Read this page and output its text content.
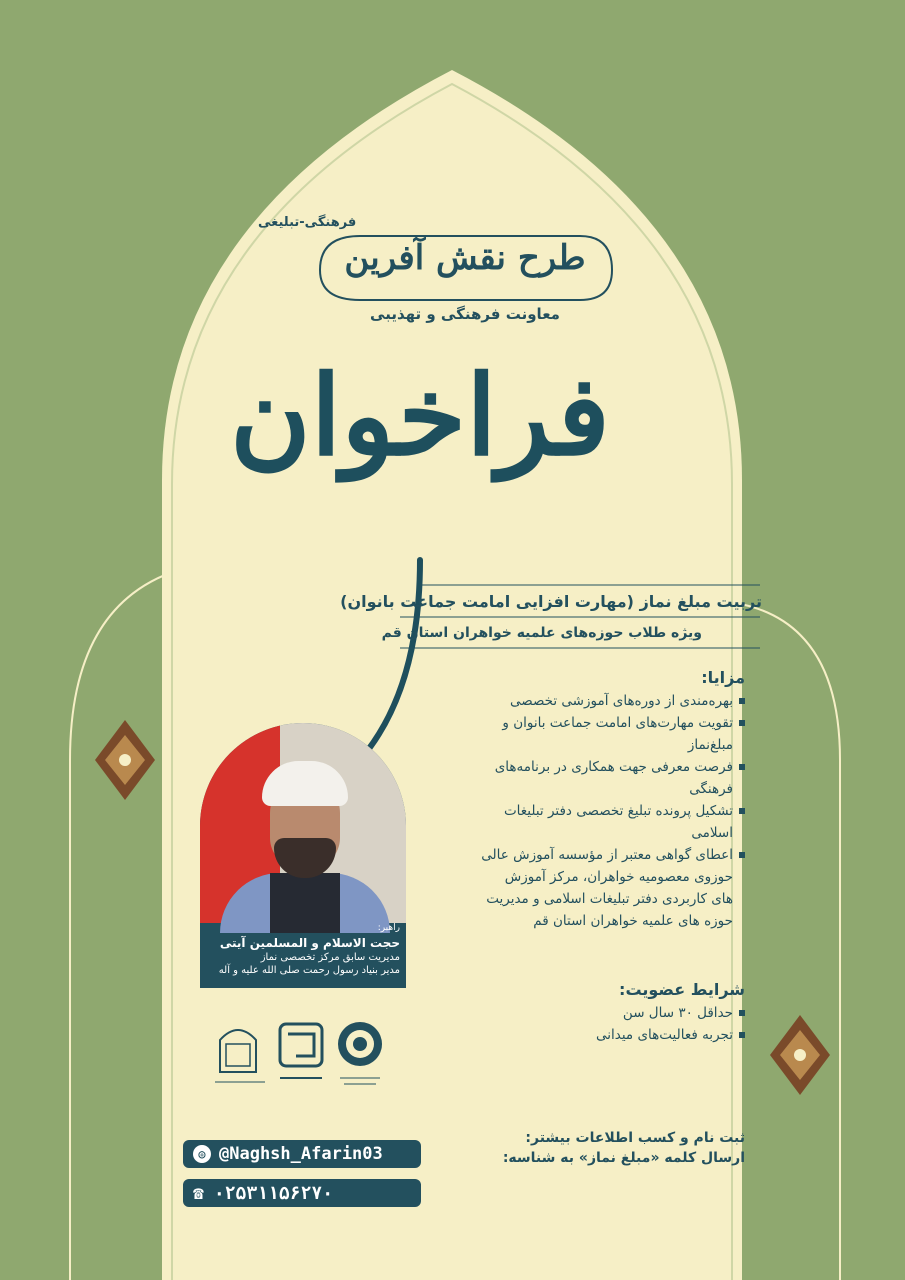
فرهنگی-تبلیغی
طرح نقش آفرین
معاونت فرهنگی و تهذیبی
فراخوان
تربیت مبلغ نماز (مهارت افزایی امامت جماعت بانوان)
ویژه طلاب حوزه‌های علمیه خواهران استان قم
مزایا:
بهره‌مندی از دوره‌های آموزشی تخصصی
تقویت مهارت‌های امامت جماعت بانوان و مبلغ‌نماز
فرصت معرفی جهت همکاری در برنامه‌های فرهنگی
تشکیل پرونده تبلیغ تخصصی دفتر تبلیغات اسلامی
اعطای گواهی معتبر از مؤسسه آموزش عالی حوزوی معصومیه خواهران، مرکز آموزش های کاربردی دفتر تبلیغات اسلامی و مدیریت حوزه های علمیه خواهران استان قم
شرایط عضویت:
حداقل ۳۰ سال سن
تجربه فعالیت‌های میدانی
ثبت نام و کسب اطلاعات بیشتر:
ارسال کلمه «مبلغ نماز» به شناسه:
راهبر:
حجت الاسلام و المسلمین آیتی
مدیریت سابق مرکز تخصصی نماز
مدیر بنیاد رسول رحمت صلی الله علیه و آله
◎ @Naghsh_Afarin03
☎ ۰۲۵۳۱۱۵۶۲۷۰
